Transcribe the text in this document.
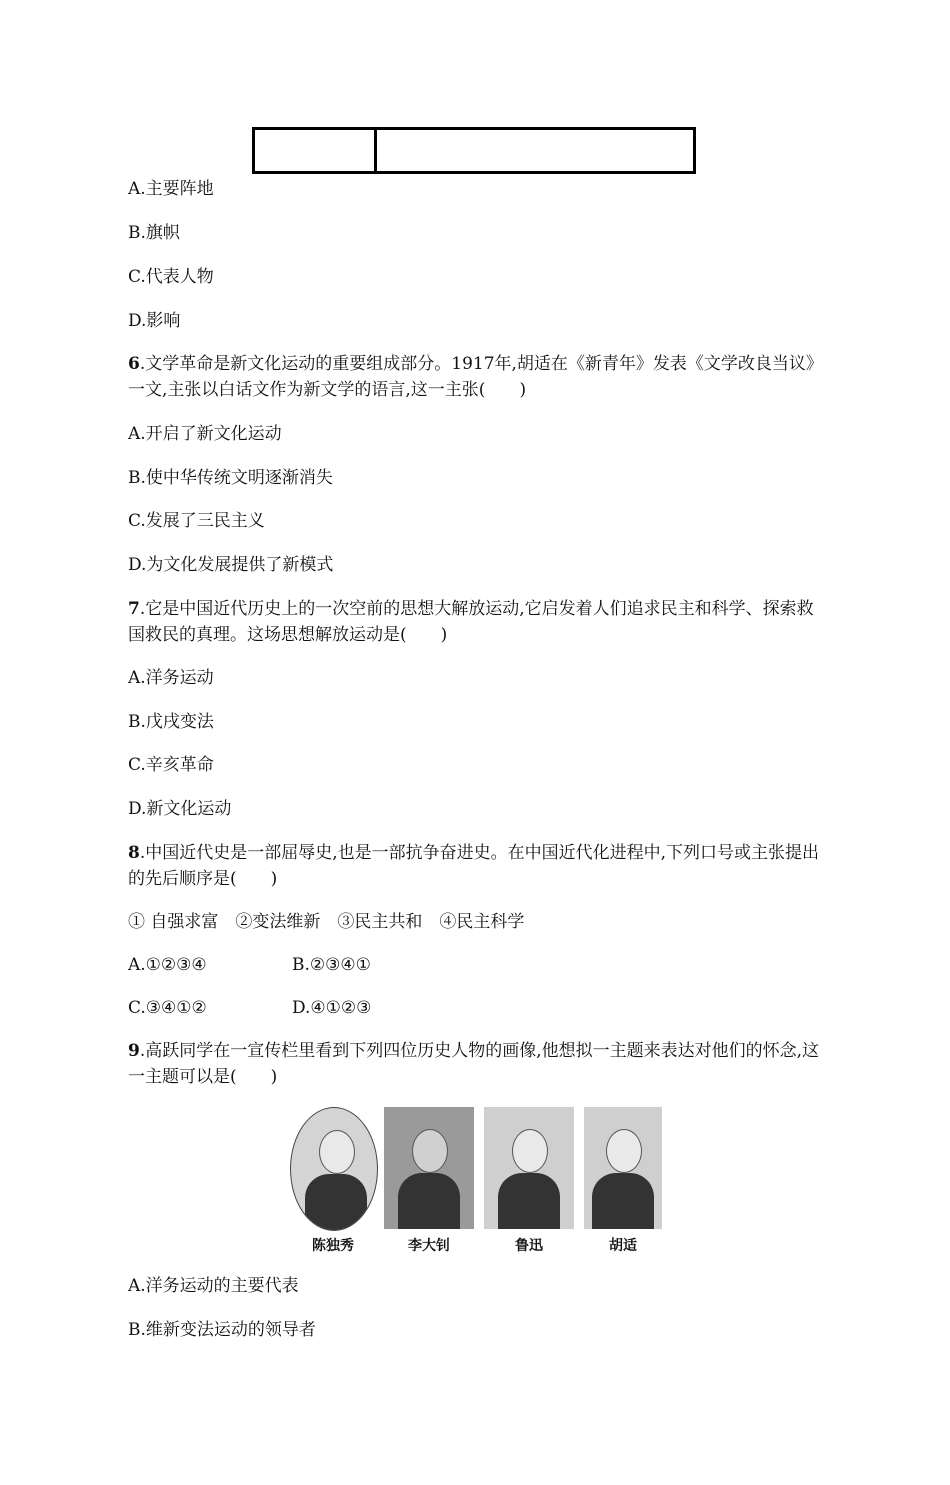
A.主要阵地
B.旗帜
C.代表人物
D.影响
6.文学革命是新文化运动的重要组成部分。1917年,胡适在《新青年》发表《文学改良当议》一文,主张以白话文作为新文学的语言,这一主张(　　)
A.开启了新文化运动
B.使中华传统文明逐渐消失
C.发展了三民主义
D.为文化发展提供了新模式
7.它是中国近代历史上的一次空前的思想大解放运动,它启发着人们追求民主和科学、探索救国救民的真理。这场思想解放运动是(　　)
A.洋务运动
B.戊戌变法
C.辛亥革命
D.新文化运动
8.中国近代史是一部屈辱史,也是一部抗争奋进史。在中国近代化进程中,下列口号或主张提出的先后顺序是(　　)
① 自强求富　②变法维新　③民主共和　④民主科学
A.①②③④	B.②③④①
C.③④①②	D.④①②③
9.高跃同学在一宣传栏里看到下列四位历史人物的画像,他想拟一主题来表达对他们的怀念,这一主题可以是(　　)
陈独秀	李大钊	鲁迅	胡适
A.洋务运动的主要代表
B.维新变法运动的领导者
